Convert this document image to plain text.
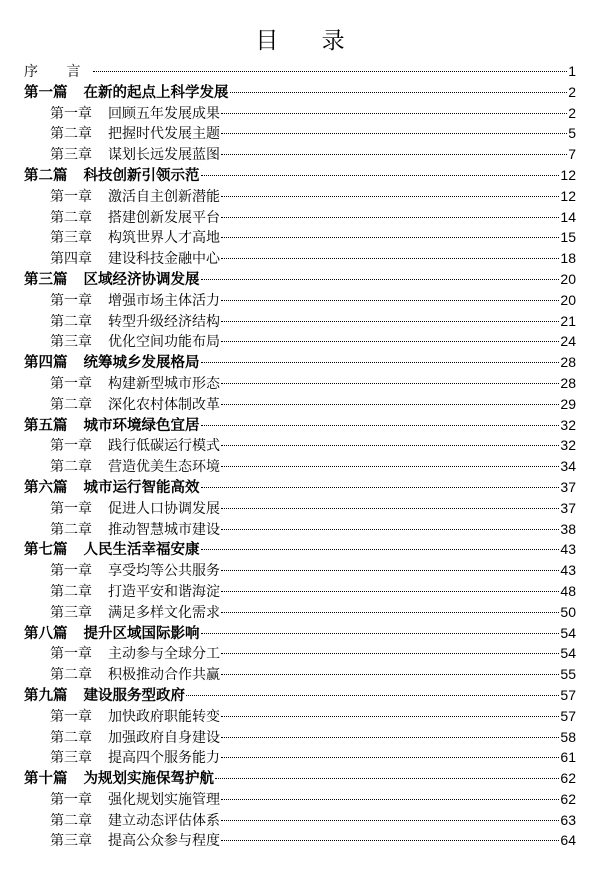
目 录
序 言	1
第一篇 在新的起点上科学发展	2
第一章 回顾五年发展成果	2
第二章 把握时代发展主题	5
第三章 谋划长远发展蓝图	7
第二篇 科技创新引领示范	12
第一章 激活自主创新潜能	12
第二章 搭建创新发展平台	14
第三章 构筑世界人才高地	15
第四章 建设科技金融中心	18
第三篇 区域经济协调发展	20
第一章 增强市场主体活力	20
第二章 转型升级经济结构	21
第三章 优化空间功能布局	24
第四篇 统筹城乡发展格局	28
第一章 构建新型城市形态	28
第二章 深化农村体制改革	29
第五篇 城市环境绿色宜居	32
第一章 践行低碳运行模式	32
第二章 营造优美生态环境	34
第六篇 城市运行智能高效	37
第一章 促进人口协调发展	37
第二章 推动智慧城市建设	38
第七篇 人民生活幸福安康	43
第一章 享受均等公共服务	43
第二章 打造平安和谐海淀	48
第三章 满足多样文化需求	50
第八篇 提升区域国际影响	54
第一章 主动参与全球分工	54
第二章 积极推动合作共赢	55
第九篇 建设服务型政府	57
第一章 加快政府职能转变	57
第二章 加强政府自身建设	58
第三章 提高四个服务能力	61
第十篇 为规划实施保驾护航	62
第一章 强化规划实施管理	62
第二章 建立动态评估体系	63
第三章 提高公众参与程度	64
